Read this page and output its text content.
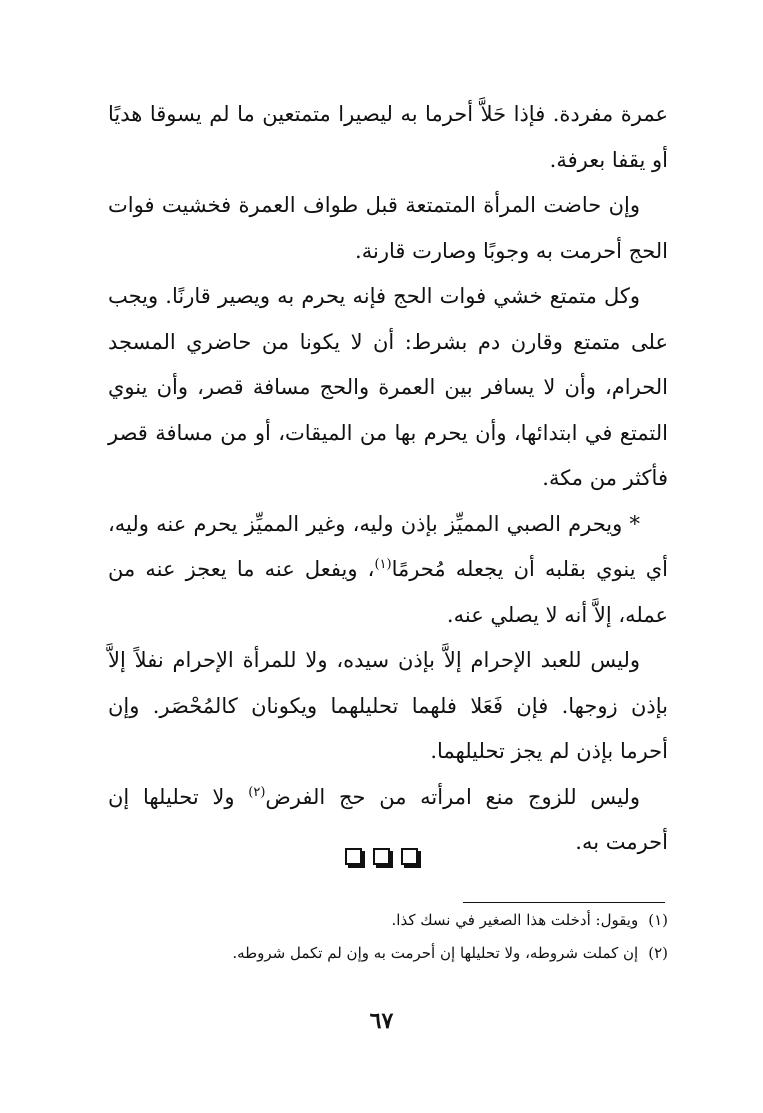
عمرة مفردة. فإذا حَلاَّ أحرما به ليصيرا متمتعين ما لم يسوقا هديًا أو يقفا بعرفة.

وإن حاضت المرأة المتمتعة قبل طواف العمرة فخشيت فوات الحج أحرمت به وجوبًا وصارت قارنة.

وكل متمتع خشي فوات الحج فإنه يحرم به ويصير قارنًا. ويجب على متمتع وقارن دم بشرط: أن لا يكونا من حاضري المسجد الحرام، وأن لا يسافر بين العمرة والحج مسافة قصر، وأن ينوي التمتع في ابتدائها، وأن يحرم بها من الميقات، أو من مسافة قصر فأكثر من مكة.

* ويحرم الصبي المميِّز بإذن وليه، وغير المميِّز يحرم عنه وليه، أي ينوي بقلبه أن يجعله مُحرمًا$^{(١)}$، ويفعل عنه ما يعجز عنه من عمله، إلاَّ أنه لا يصلي عنه.

وليس للعبد الإحرام إلاَّ بإذن سيده، ولا للمرأة الإحرام نفلاً إلاَّ بإذن زوجها. فإن فَعَلا فلهما تحليلهما ويكونان كالمُحْصَر. وإن أحرما بإذن لم يجز تحليلهما.

وليس للزوج منع امرأته من حج الفرض$^{(٢)}$ ولا تحليلها إن أحرمت به.

(١)ويقول: أدخلت هذا الصغير في نسك كذا.

(٢)إن كملت شروطه، ولا تحليلها إن أحرمت به وإن لم تكمل شروطه.

٦٧
